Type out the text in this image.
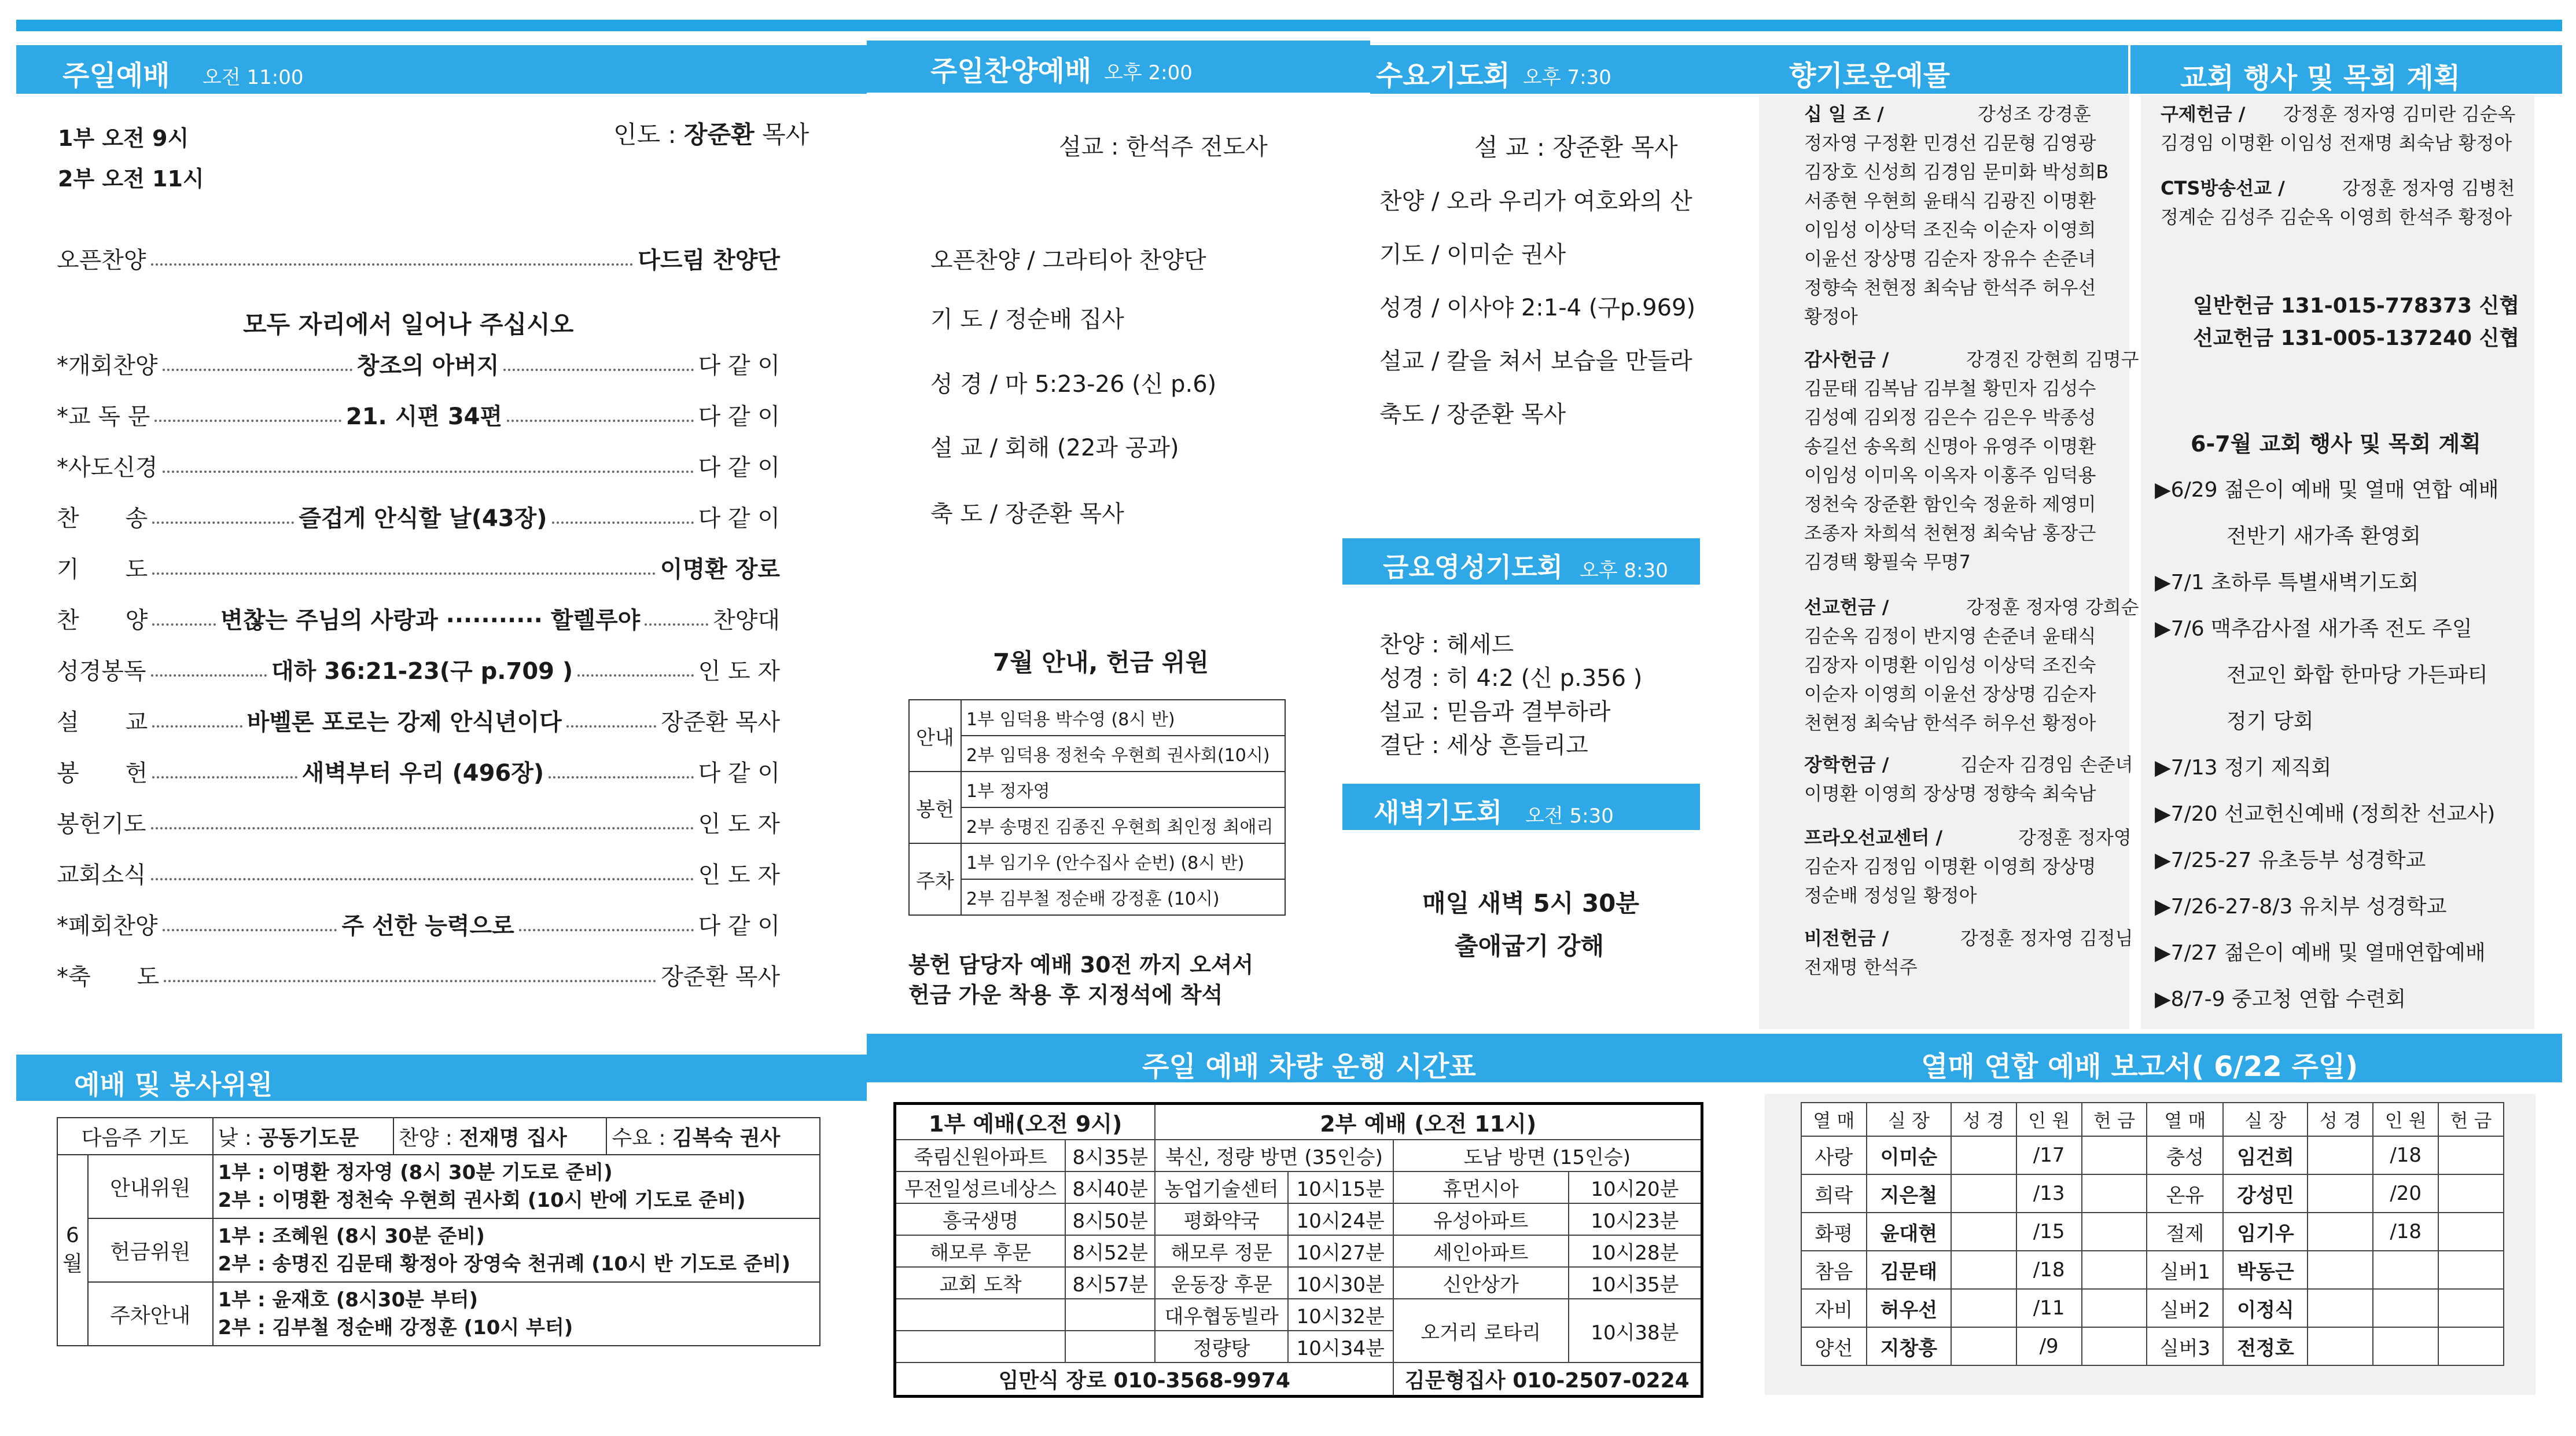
주일예배 오전 11:00	주일찬양예배 오후 2:00	수요기도회 오후 7:30	향기로운예물	교회 행사 및 목회 계획
1부 오전 9시
2부 오전 11시
인도 : 장준환 목사
오픈찬양	다드림 찬양단
*개회찬양	창조의 아버지	다 같 이
*교 독 문	21. 시편 34편	다 같 이
*사도신경	다 같 이
찬　　송	즐겁게 안식할 날(43장)	다 같 이
기　　도	이명환 장로
찬　　양	변찮는 주님의 사랑과 ··········· 할렐루야	찬양대
성경봉독	대하 36:21-23(구 p.709 )	인 도 자
설　　교	바벨론 포로는 강제 안식년이다	장준환 목사
봉　　헌	새벽부터 우리 (496장)	다 같 이
봉헌기도	인 도 자
교회소식	인 도 자
*폐회찬양	주 선한 능력으로	다 같 이
*축　　도	장준환 목사
모두 자리에서 일어나 주십시오
예배 및 봉사위원
다음주 기도		낮 : 공동기도문	찬양 : 전재명 집사	수요 : 김복숙 권사
6 월	안내위원	1부 : 이명환 정자영 (8시 30분 기도로 준비)
2부 : 이명환 정천숙 우현희 권사회 (10시 반에 기도로 준비)		
	헌금위원	1부 : 조혜원 (8시 30분 준비)
2부 : 송명진 김문태 황정아 장영숙 천귀례 (10시 반 기도로 준비)		
	주차안내	1부 : 윤재호 (8시30분 부터)
2부 : 김부철 정순배 강정훈 (10시 부터)		
설교 : 한석주 전도사
오픈찬양 / 그라티아 찬양단
기 도 / 정순배 집사
성 경 / 마 5:23-26 (신 p.6)
설 교 / 회해 (22과 공과)
축 도 / 장준환 목사
7월 안내, 헌금 위원
안내	1부 임덕용 박수영 (8시 반)
	2부 임덕용 정천숙 우현희 권사회(10시)
봉헌	1부 정자영
	2부 송명진 김종진 우현희 최인정 최애리
주차	1부 임기우 (안수집사 순번) (8시 반)
	2부 김부철 정순배 강정훈 (10시)
봉헌 담당자 예배 30전 까지 오셔서
헌금 가운 착용 후 지정석에 착석
설 교 : 장준환 목사
찬양 / 오라 우리가 여호와의 산
기도 / 이미순 권사
성경 / 이사야 2:1-4 (구p.969)
설교 / 칼을 쳐서 보습을 만들라
축도 / 장준환 목사
금요영성기도회 오후 8:30
찬양 : 헤세드
성경 : 히 4:2 (신 p.356 )
설교 : 믿음과 결부하라
결단 : 세상 흔들리고
새벽기도회 오전 5:30
매일 새벽 5시 30분
출애굽기 강해
십 일 조 /	강성조 강경훈
정자영 구정환 민경선 김문형 김영광
김장호 신성희 김경임 문미화 박성희B
서종현 우현희 윤태식 김광진 이명환
이임성 이상덕 조진숙 이순자 이영희
이윤선 장상명 김순자 장유수 손준녀
정향숙 천현정 최숙남 한석주 허우선
황정아
감사헌금 /	강경진 강현희 김명구
김문태 김복남 김부철 황민자 김성수
김성예 김외정 김은수 김은우 박종성
송길선 송옥희 신명아 유영주 이명환
이임성 이미옥 이옥자 이홍주 임덕용
정천숙 장준환 함인숙 정윤하 제영미
조종자 차희석 천현정 최숙남 홍장근
김경택 황필숙 무명7
선교헌금 /	강정훈 정자영 강희순
김순옥 김정이 반지영 손준녀 윤태식
김장자 이명환 이임성 이상덕 조진숙
이순자 이영희 이윤선 장상명 김순자
천현정 최숙남 한석주 허우선 황정아
장학헌금 /	김순자 김경임 손준녀
이명환 이영희 장상명 정향숙 최숙남
프라오선교센터 /	강정훈 정자영
김순자 김정임 이명환 이영희 장상명
정순배 정성일 황정아
비전헌금 /	강정훈 정자영 김정님
전재명 한석주
구제헌금 / 강정훈 정자영 김미란 김순옥
김경임 이명환 이임성 전재명 최숙남 황정아
CTS방송선교 /	강정훈 정자영 김병천
정계순 김성주 김순옥 이영희 한석주 황정아
일반헌금 131-015-778373 신협
선교헌금 131-005-137240 신협
6-7월 교회 행사 및 목회 계획
▶6/29 젊은이 예배 및 열매 연합 예배
전반기 새가족 환영회
▶7/1 초하루 특별새벽기도회
▶7/6 맥추감사절 새가족 전도 주일
전교인 화합 한마당 가든파티
정기 당회
▶7/13 정기 제직회
▶7/20 선교헌신예배 (정희찬 선교사)
▶7/25-27 유초등부 성경학교
▶7/26-27-8/3 유치부 성경학교
▶7/27 젊은이 예배 및 열매연합예배
▶8/7-9 중고청 연합 수련회
주일 예배 차량 운행 시간표
1부 예배(오전 9시)		2부 예배 (오전 11시)			
죽림신원아파트	8시35분	북신, 정량 방면 (35인승)		도남 방면 (15인승)	
무전일성르네상스	8시40분	농업기술센터	10시15분	휴먼시아	10시20분
흥국생명	8시50분	평화약국	10시24분	유성아파트	10시23분
해모루 후문	8시52분	해모루 정문	10시27분	세인아파트	10시28분
교회 도착	8시57분	운동장 후문	10시30분	신안상가	10시35분
		대우협동빌라	10시32분	오거리 로타리	10시38분
		정량탕	10시34분		
임만식 장로 010-3568-9974				김문형집사 010-2507-0224	
열매 연합 예배 보고서( 6/22 주일)
열 매	실 장	성 경	인 원	헌 금	열 매	실 장	성 경	인 원	헌 금
사랑	이미순		/17		충성	임건희		/18	
희락	지은철		/13		온유	강성민		/20	
화평	윤대현		/15		절제	임기우		/18	
참음	김문태		/18		실버1	박동근			
자비	허우선		/11		실버2	이정식			
양선	지창흥		/9		실버3	전정호			
